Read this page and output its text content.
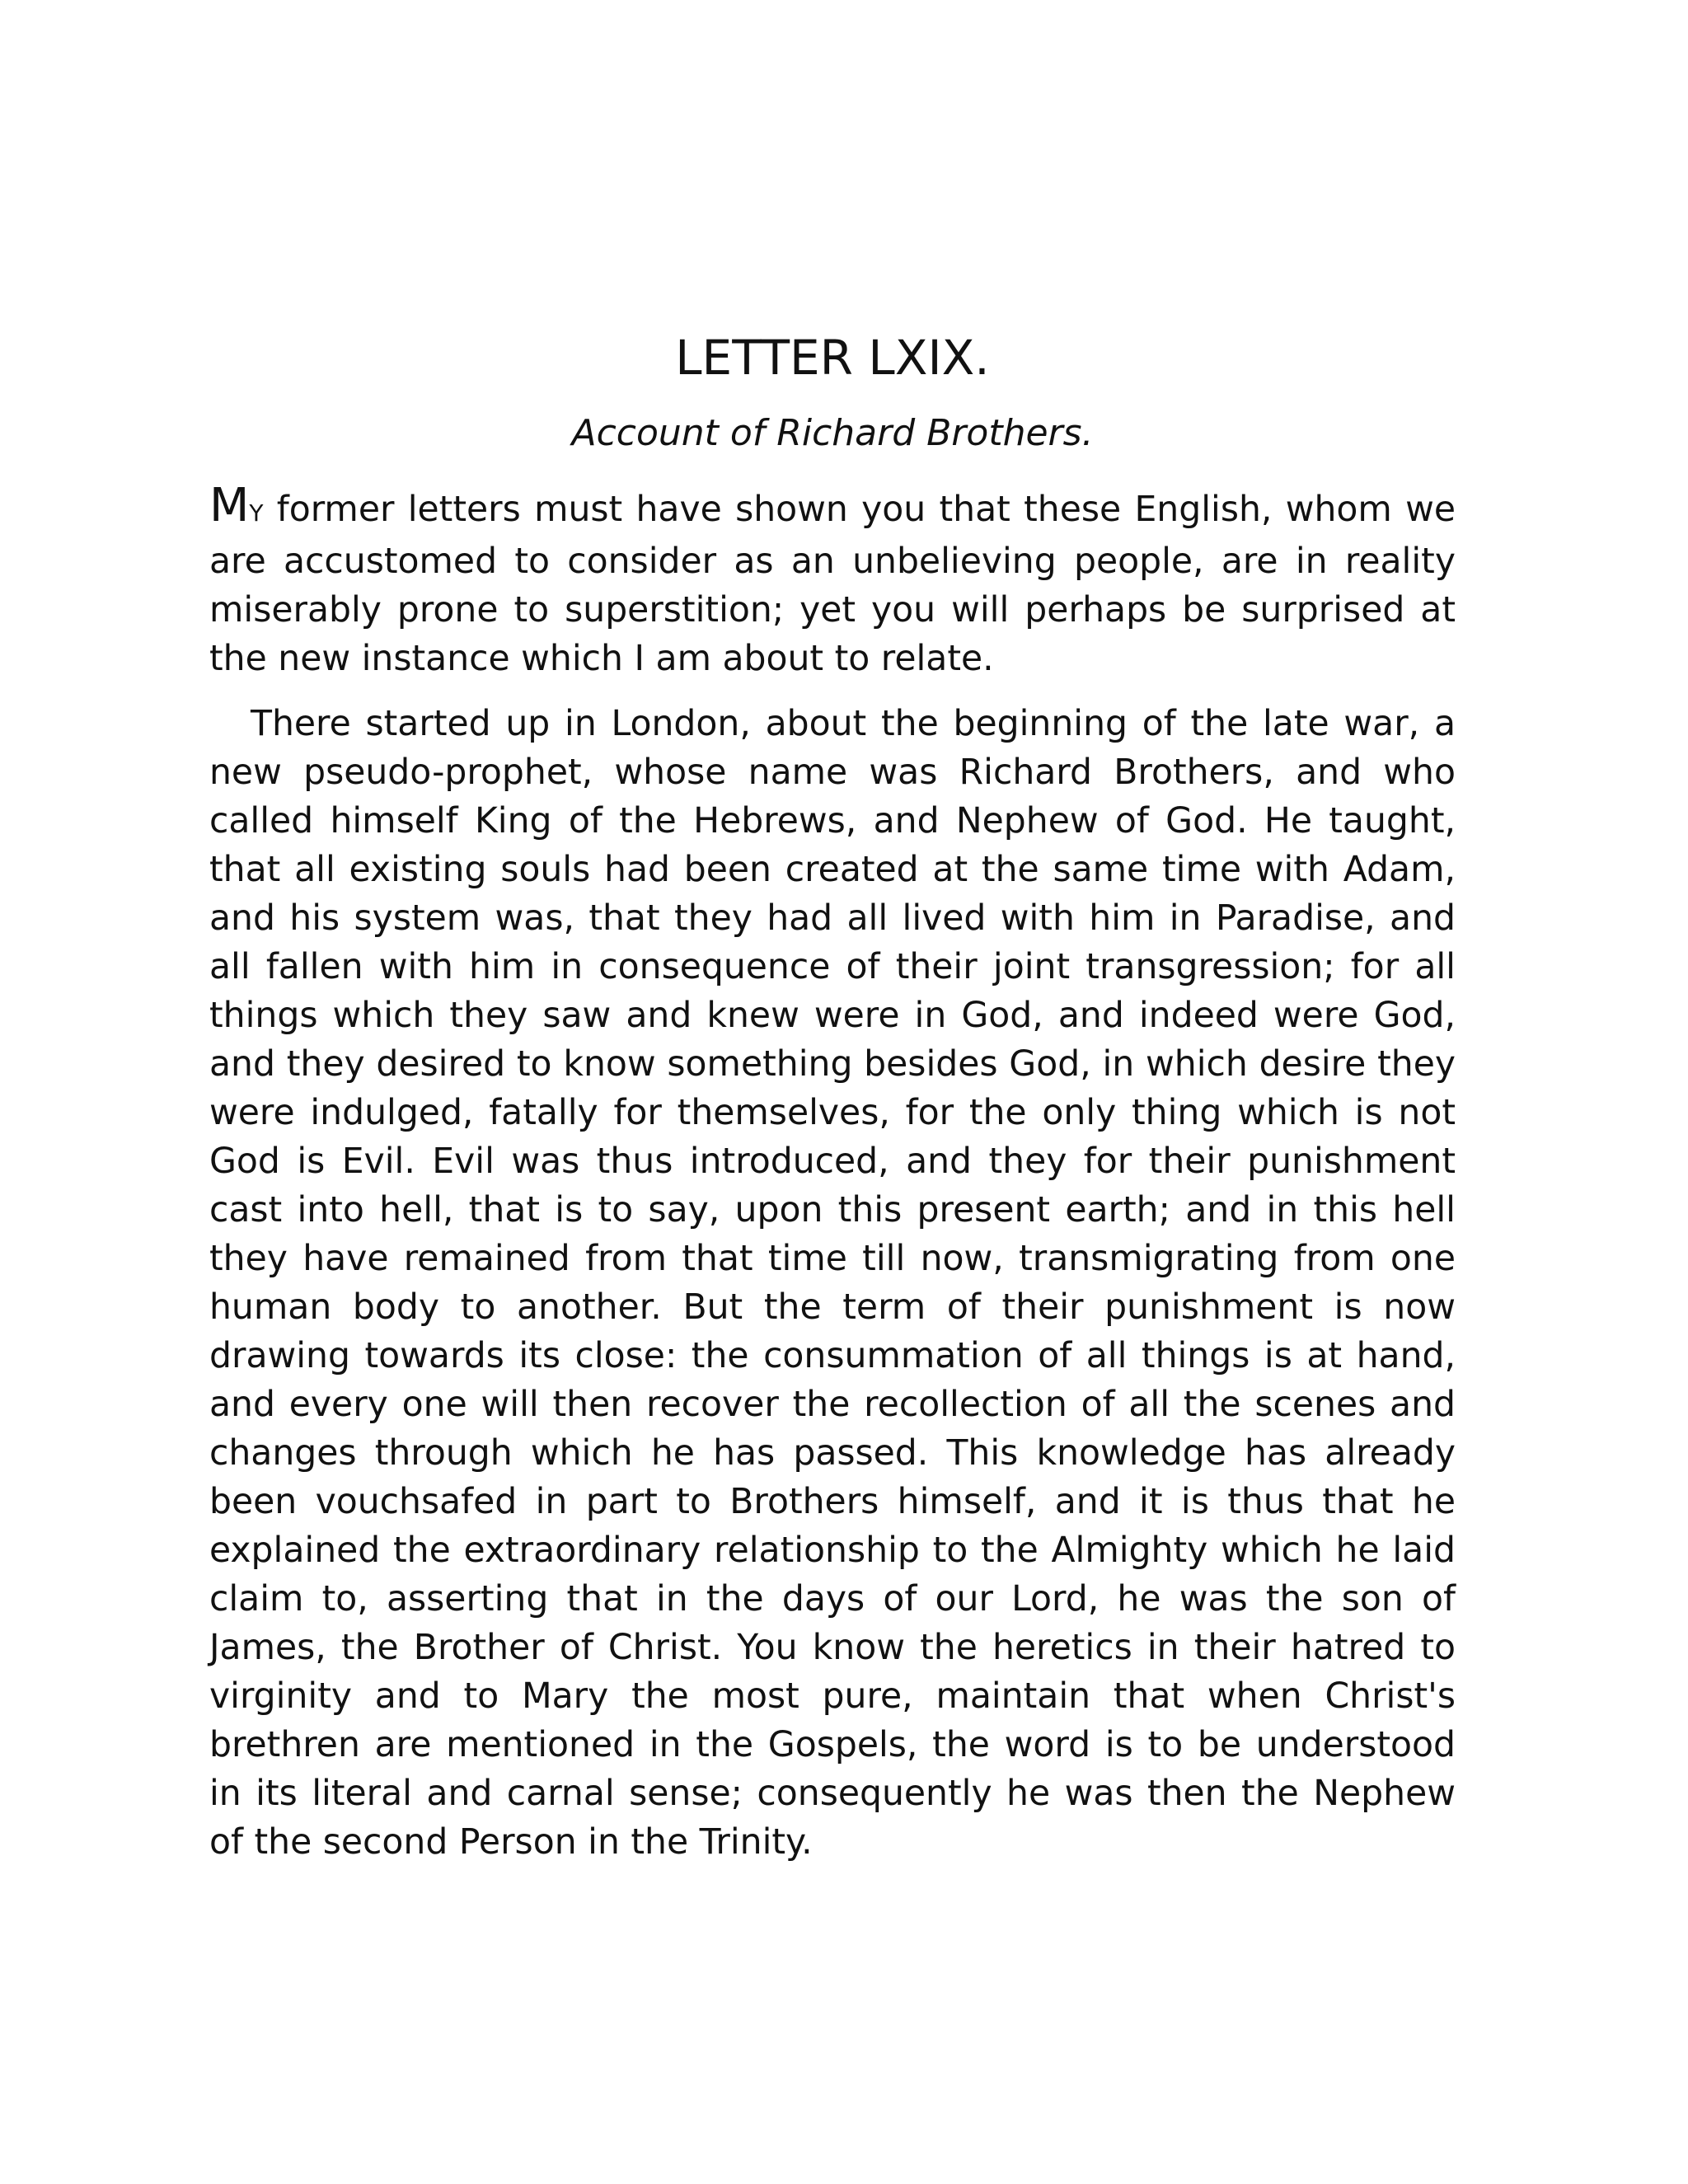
LETTER LXIX.
Account of Richard Brothers.

MY former letters must have shown you that these English, whom we are accustomed to consider as an unbelieving people, are in reality miserably prone to superstition; yet you will perhaps be surprised at the new instance which I am about to relate.

There started up in London, about the beginning of the late war, a new pseudo-prophet, whose name was Richard Brothers, and who called himself King of the Hebrews, and Nephew of God. He taught, that all existing souls had been created at the same time with Adam, and his system was, that they had all lived with him in Paradise, and all fallen with him in consequence of their joint transgression; for all things which they saw and knew were in God, and indeed were God, and they desired to know something besides God, in which desire they were indulged, fatally for themselves, for the only thing which is not God is Evil. Evil was thus introduced, and they for their punishment cast into hell, that is to say, upon this present earth; and in this hell they have remained from that time till now, transmigrating from one human body to another. But the term of their punishment is now drawing towards its close: the consummation of all things is at hand, and every one will then recover the recollection of all the scenes and changes through which he has passed. This knowledge has already been vouchsafed in part to Brothers himself, and it is thus that he explained the extraordinary relationship to the Almighty which he laid claim to, asserting that in the days of our Lord, he was the son of James, the Brother of Christ. You know the heretics in their hatred to virginity and to Mary the most pure, maintain that when Christ's brethren are mentioned in the Gospels, the word is to be understood in its literal and carnal sense; consequently he was then the Nephew of the second Person in the Trinity.
